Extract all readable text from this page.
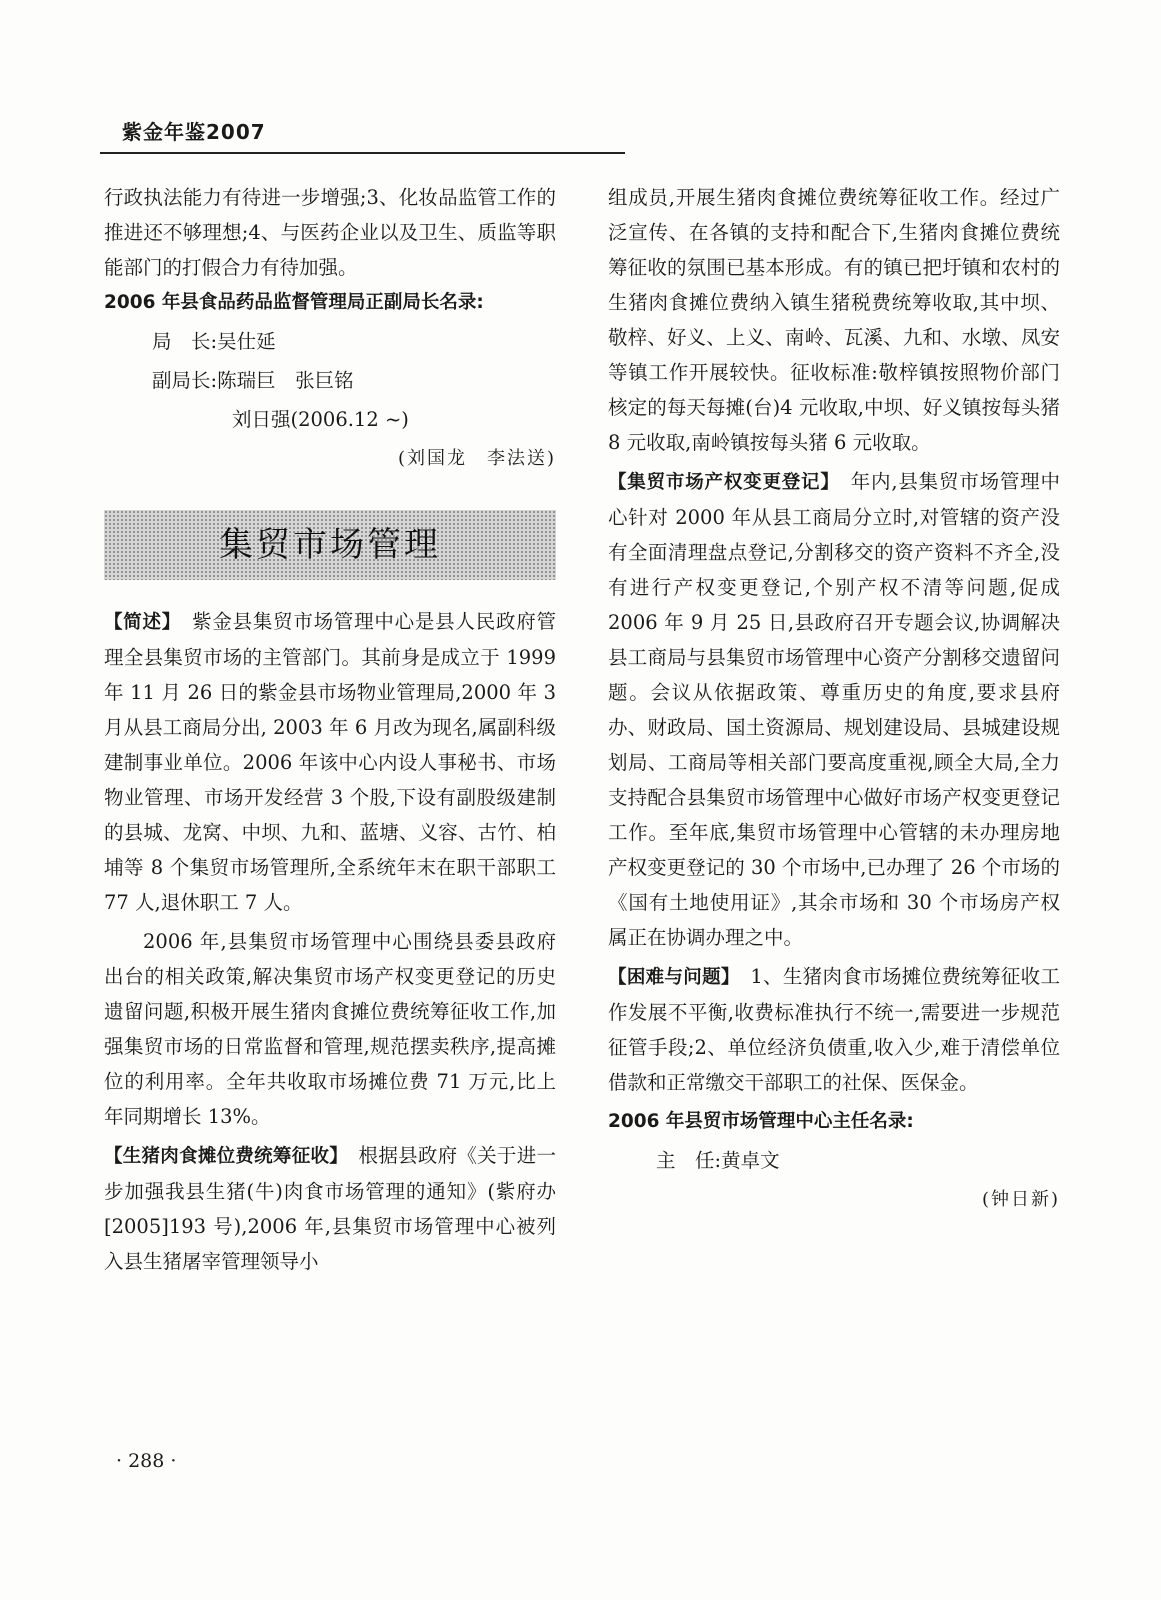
紫金年鉴2007

行政执法能力有待进一步增强;3、化妆品监管工作的推进还不够理想;4、与医药企业以及卫生、质监等职能部门的打假合力有待加强。

2006 年县食品药品监督管理局正副局长名录:

局　长:吴仕延

副局长:陈瑞巨　张巨铭

刘日强(2006.12 ~)

(刘国龙　李法送)

集贸市场管理

【简述】　 紫金县集贸市场管理中心是县人民政府管理全县集贸市场的主管部门。其前身是成立于 1999 年 11 月 26 日的紫金县市场物业管理局,2000 年 3 月从县工商局分出, 2003 年 6 月改为现名,属副科级建制事业单位。2006 年该中心内设人事秘书、市场物业管理、市场开发经营 3 个股,下设有副股级建制的县城、龙窝、中坝、九和、蓝塘、义容、古竹、柏埔等 8 个集贸市场管理所,全系统年末在职干部职工 77 人,退休职工 7 人。

2006 年,县集贸市场管理中心围绕县委县政府出台的相关政策,解决集贸市场产权变更登记的历史遗留问题,积极开展生猪肉食摊位费统筹征收工作,加强集贸市场的日常监督和管理,规范摆卖秩序,提高摊位的利用率。全年共收取市场摊位费 71 万元,比上年同期增长 13%。

【生猪肉食摊位费统筹征收】　 根据县政府《关于进一步加强我县生猪(牛)肉食市场管理的通知》(紫府办[2005]193 号),2006 年,县集贸市场管理中心被列入县生猪屠宰管理领导小

组成员,开展生猪肉食摊位费统筹征收工作。经过广泛宣传、在各镇的支持和配合下,生猪肉食摊位费统筹征收的氛围已基本形成。有的镇已把圩镇和农村的生猪肉食摊位费纳入镇生猪税费统筹收取,其中坝、敬梓、好义、上义、南岭、瓦溪、九和、水墩、凤安等镇工作开展较快。征收标准:敬梓镇按照物价部门核定的每天每摊(台)4 元收取,中坝、好义镇按每头猪 8 元收取,南岭镇按每头猪 6 元收取。

【集贸市场产权变更登记】　 年内,县集贸市场管理中心针对 2000 年从县工商局分立时,对管辖的资产没有全面清理盘点登记,分割移交的资产资料不齐全,没有进行产权变更登记,个别产权不清等问题,促成 2006 年 9 月 25 日,县政府召开专题会议,协调解决县工商局与县集贸市场管理中心资产分割移交遗留问题。会议从依据政策、尊重历史的角度,要求县府办、财政局、国土资源局、规划建设局、县城建设规划局、工商局等相关部门要高度重视,顾全大局,全力支持配合县集贸市场管理中心做好市场产权变更登记工作。至年底,集贸市场管理中心管辖的未办理房地产权变更登记的 30 个市场中,已办理了 26 个市场的《国有土地使用证》,其余市场和 30 个市场房产权属正在协调办理之中。

【困难与问题】　 1、生猪肉食市场摊位费统筹征收工作发展不平衡,收费标准执行不统一,需要进一步规范征管手段;2、单位经济负债重,收入少,难于清偿单位借款和正常缴交干部职工的社保、医保金。

2006 年县贸市场管理中心主任名录:

主　任:黄卓文

(钟日新)

· 288 ·
